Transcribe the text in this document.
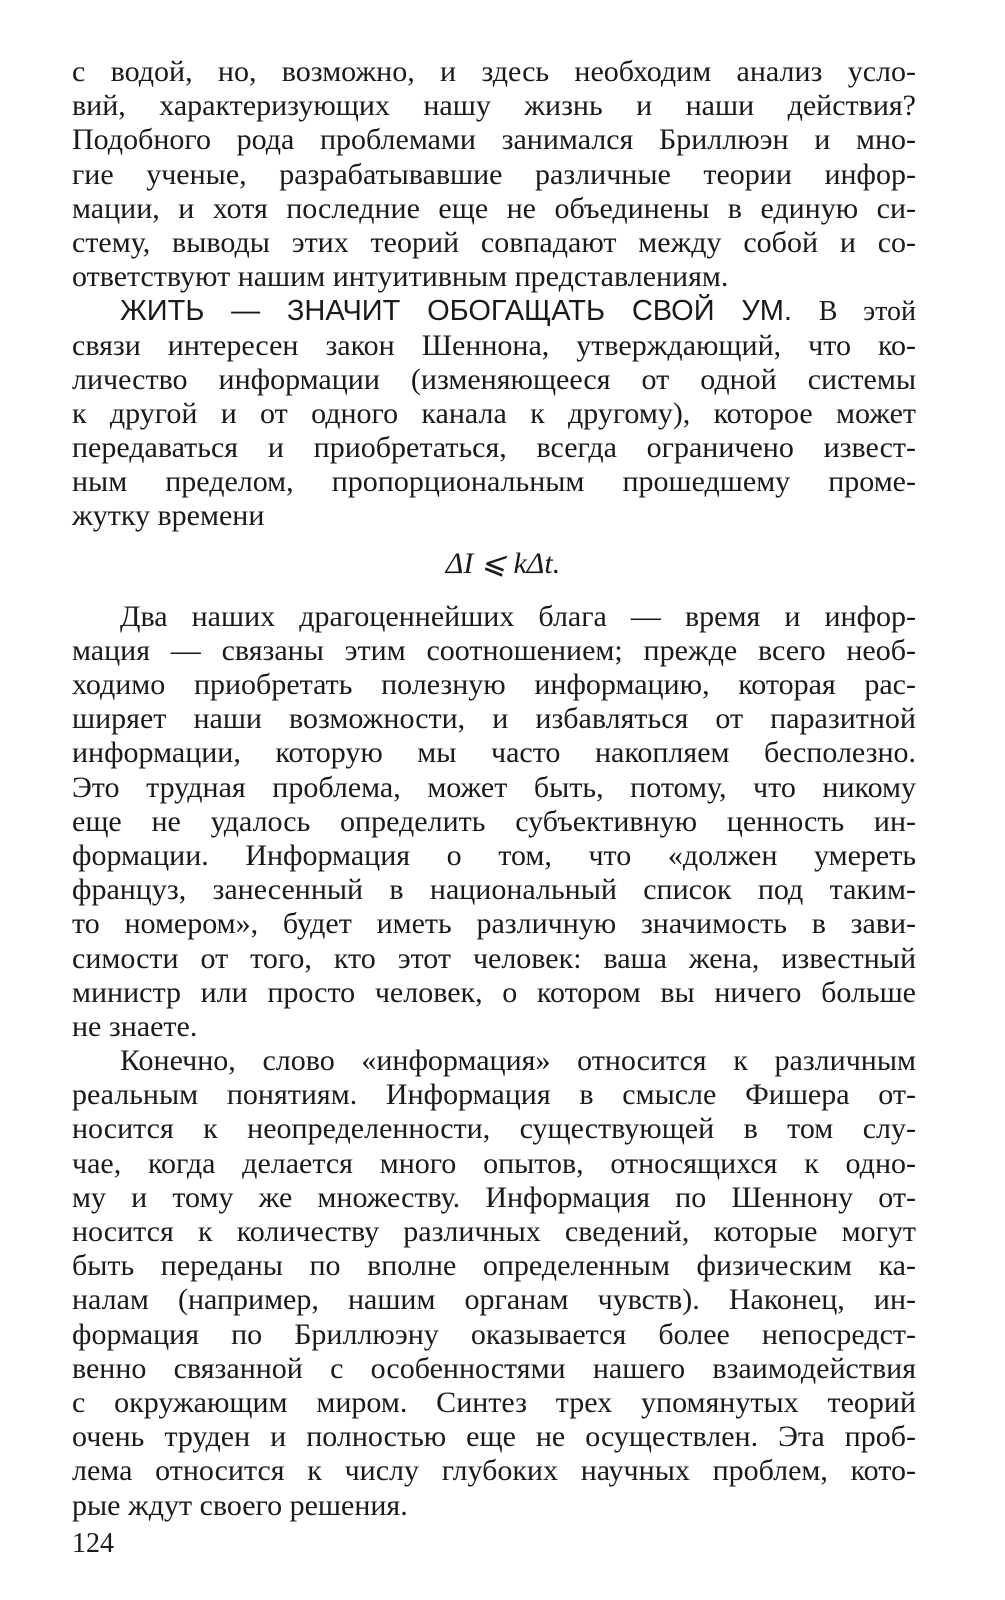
с водой, но, возможно, и здесь необходим анализ усло-
вий, характеризующих нашу жизнь и наши действия?
Подобного рода проблемами занимался Бриллюэн и мно-
гие ученые, разрабатывавшие различные теории инфор-
мации, и хотя последние еще не объединены в единую си-
стему, выводы этих теорий совпадают между собой и со-
ответствуют нашим интуитивным представлениям.
ЖИТЬ — ЗНАЧИТ ОБОГАЩАТЬ СВОЙ УМ. В этой
связи интересен закон Шеннона, утверждающий, что ко-
личество информации (изменяющееся от одной системы
к другой и от одного канала к другому), которое может
передаваться и приобретаться, всегда ограничено извест-
ным пределом, пропорциональным прошедшему проме-
жутку времени
ΔI ⩽ kΔt.
Два наших драгоценнейших блага — время и инфор-
мация — связаны этим соотношением; прежде всего необ-
ходимо приобретать полезную информацию, которая рас-
ширяет наши возможности, и избавляться от паразитной
информации, которую мы часто накопляем бесполезно.
Это трудная проблема, может быть, потому, что никому
еще не удалось определить субъективную ценность ин-
формации. Информация о том, что «должен умереть
француз, занесенный в национальный список под таким-
то номером», будет иметь различную значимость в зави-
симости от того, кто этот человек: ваша жена, известный
министр или просто человек, о котором вы ничего больше
не знаете.
Конечно, слово «информация» относится к различным
реальным понятиям. Информация в смысле Фишера от-
носится к неопределенности, существующей в том слу-
чае, когда делается много опытов, относящихся к одно-
му и тому же множеству. Информация по Шеннону от-
носится к количеству различных сведений, которые могут
быть переданы по вполне определенным физическим ка-
налам (например, нашим органам чувств). Наконец, ин-
формация по Бриллюэну оказывается более непосредст-
венно связанной с особенностями нашего взаимодействия
с окружающим миром. Синтез трех упомянутых теорий
очень труден и полностью еще не осуществлен. Эта проб-
лема относится к числу глубоких научных проблем, кото-
рые ждут своего решения.
124
